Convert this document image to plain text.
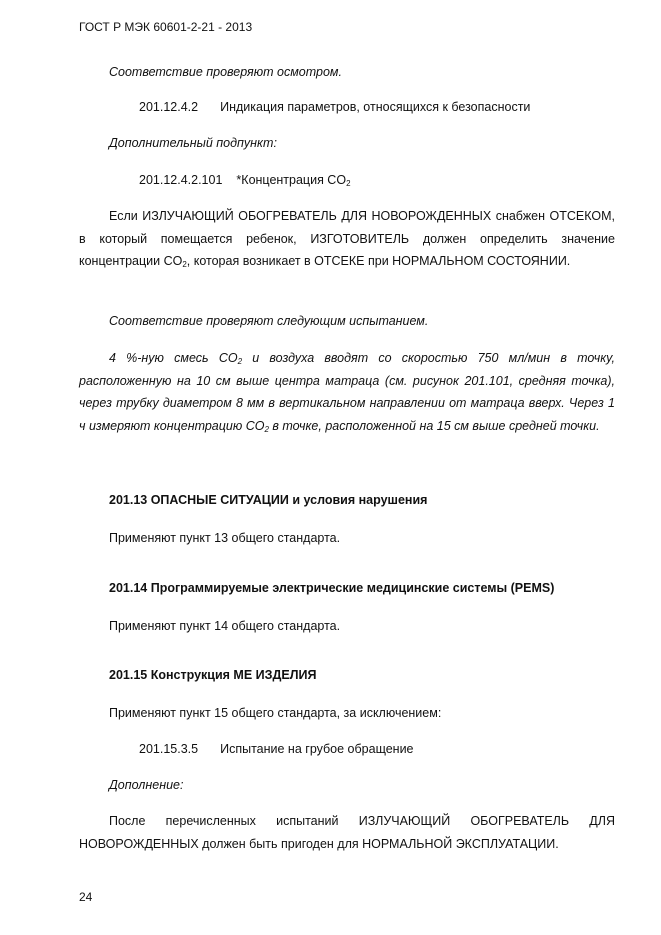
ГОСТ Р МЭК 60601-2-21 - 2013
Соответствие проверяют осмотром.
201.12.4.2 Индикация параметров, относящихся к безопасности
Дополнительный подпункт:
201.12.4.2.101 *Концентрация $CO_2$
Если ИЗЛУЧАЮЩИЙ ОБОГРЕВАТЕЛЬ ДЛЯ НОВОРОЖДЕННЫХ снабжен ОТСЕКОМ, в который помещается ребенок, ИЗГОТОВИТЕЛЬ должен определить значение концентрации $CO_2$, которая возникает в ОТСЕКЕ при НОРМАЛЬНОМ СОСТОЯНИИ.
Соответствие проверяют следующим испытанием.
4 %-ную смесь $CO_2$ и воздуха вводят со скоростью 750 мл/мин в точку, расположенную на 10 см выше центра матраца (см. рисунок 201.101, средняя точка), через трубку диаметром 8 мм в вертикальном направлении от матраца вверх. Через 1 ч измеряют концентрацию $CO_2$ в точке, расположенной на 15 см выше средней точки.
201.13 ОПАСНЫЕ СИТУАЦИИ и условия нарушения
Применяют пункт 13 общего стандарта.
201.14 Программируемые электрические медицинские системы (PEMS)
Применяют пункт 14 общего стандарта.
201.15 Конструкция МЕ ИЗДЕЛИЯ
Применяют пункт 15 общего стандарта, за исключением:
201.15.3.5 Испытание на грубое обращение
Дополнение:
После перечисленных испытаний ИЗЛУЧАЮЩИЙ ОБОГРЕВАТЕЛЬ ДЛЯ НОВОРОЖДЕННЫХ должен быть пригоден для НОРМАЛЬНОЙ ЭКСПЛУАТАЦИИ.
24
